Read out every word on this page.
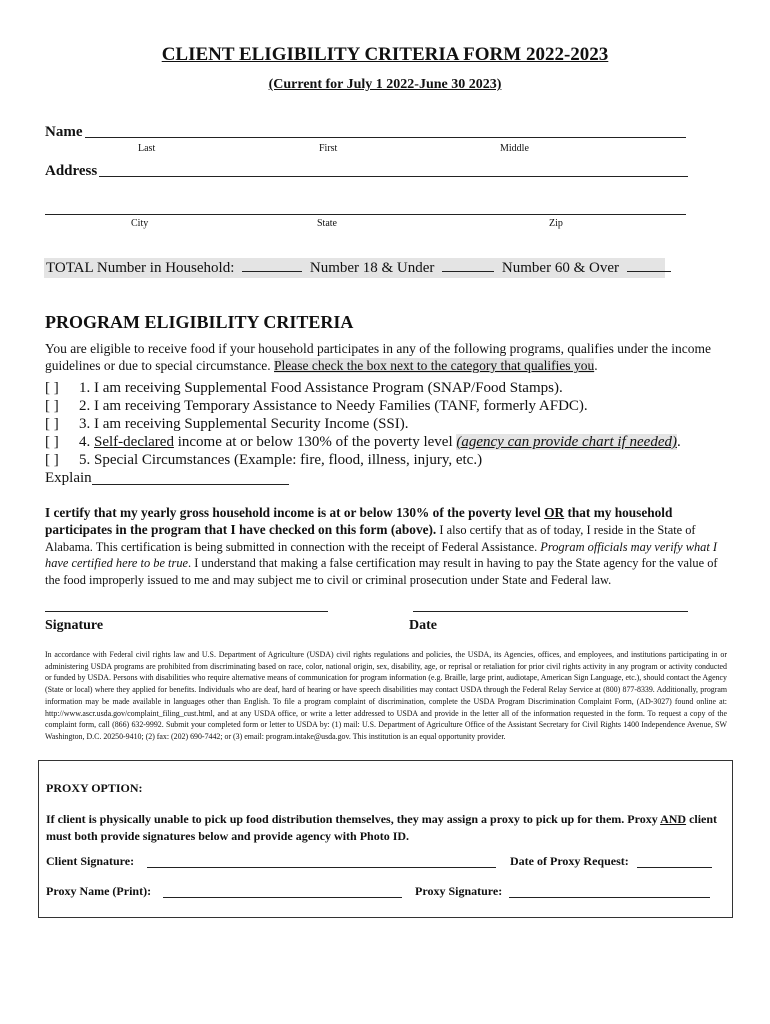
CLIENT ELIGIBILITY CRITERIA FORM 2022-2023
(Current for July 1 2022-June 30 2023)
Name
Last	First	Middle
Address
City	State	Zip
TOTAL Number in Household:	Number 18 & Under	Number 60 & Over
PROGRAM ELIGIBILITY CRITERIA
You are eligible to receive food if your household participates in any of the following programs, qualifies under the income guidelines or due to special circumstance. Please check the box next to the category that qualifies you.
[ ] 1. I am receiving Supplemental Food Assistance Program (SNAP/Food Stamps).
[ ] 2. I am receiving Temporary Assistance to Needy Families (TANF, formerly AFDC).
[ ] 3. I am receiving Supplemental Security Income (SSI).
[ ] 4. Self-declared income at or below 130% of the poverty level (agency can provide chart if needed).
[ ] 5. Special Circumstances (Example: fire, flood, illness, injury, etc.)
Explain
I certify that my yearly gross household income is at or below 130% of the poverty level OR that my household participates in the program that I have checked on this form (above). I also certify that as of today, I reside in the State of Alabama. This certification is being submitted in connection with the receipt of Federal Assistance. Program officials may verify what I have certified here to be true. I understand that making a false certification may result in having to pay the State agency for the value of the food improperly issued to me and may subject me to civil or criminal prosecution under State and Federal law.
Signature	Date
In accordance with Federal civil rights law and U.S. Department of Agriculture (USDA) civil rights regulations and policies, the USDA, its Agencies, offices, and employees, and institutions participating in or administering USDA programs are prohibited from discriminating based on race, color, national origin, sex, disability, age, or reprisal or retaliation for prior civil rights activity in any program or activity conducted or funded by USDA. Persons with disabilities who require alternative means of communication for program information (e.g. Braille, large print, audiotape, American Sign Language, etc.), should contact the Agency (State or local) where they applied for benefits. Individuals who are deaf, hard of hearing or have speech disabilities may contact USDA through the Federal Relay Service at (800) 877-8339. Additionally, program information may be made available in languages other than English. To file a program complaint of discrimination, complete the USDA Program Discrimination Complaint Form, (AD-3027) found online at: http://www.ascr.usda.gov/complaint_filing_cust.html, and at any USDA office, or write a letter addressed to USDA and provide in the letter all of the information requested in the form. To request a copy of the complaint form, call (866) 632-9992. Submit your completed form or letter to USDA by: (1) mail: U.S. Department of Agriculture Office of the Assistant Secretary for Civil Rights 1400 Independence Avenue, SW Washington, D.C. 20250-9410; (2) fax: (202) 690-7442; or (3) email: program.intake@usda.gov. This institution is an equal opportunity provider.
PROXY OPTION:
If client is physically unable to pick up food distribution themselves, they may assign a proxy to pick up for them. Proxy AND client must both provide signatures below and provide agency with Photo ID.
Client Signature:	Date of Proxy Request:
Proxy Name (Print):	Proxy Signature:
